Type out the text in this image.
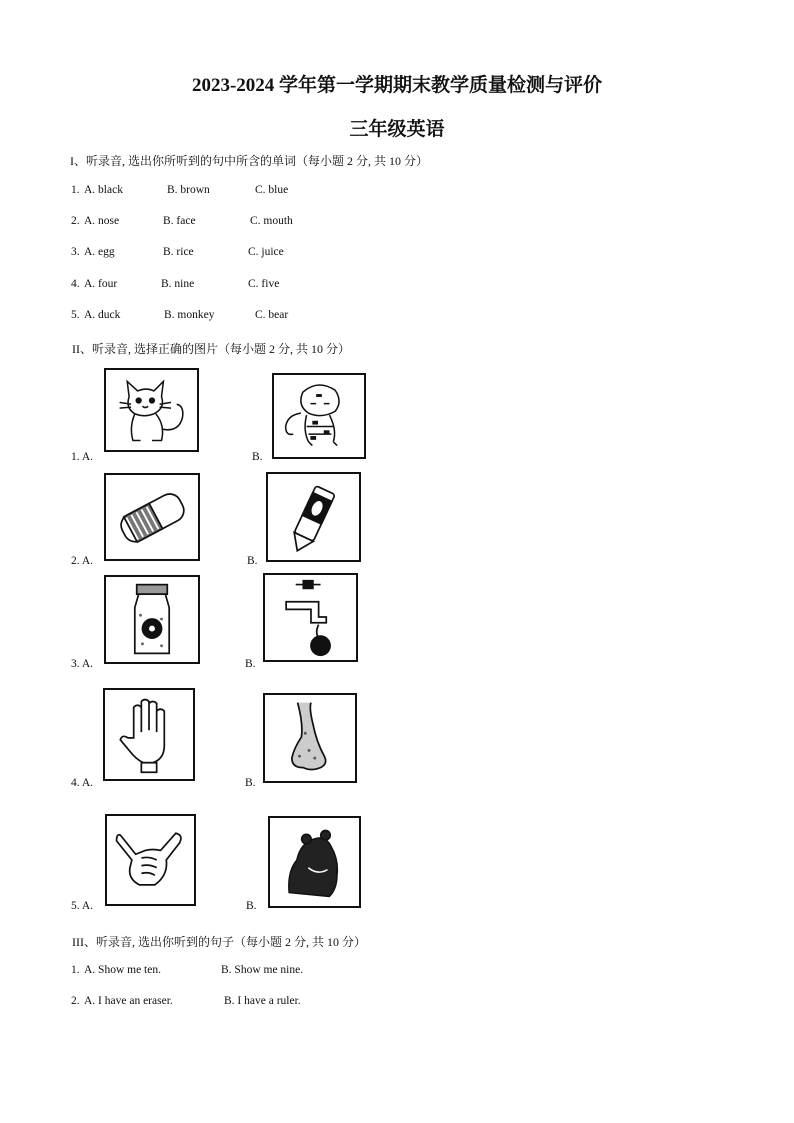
2023-2024 学年第一学期期末教学质量检测与评价
三年级英语
I、听录音, 选出你所听到的句中所含的单词（每小题 2 分, 共 10 分）
1. A. black	B. brown	C. blue
2. A. nose	B. face	C. mouth
3. A. egg	B. rice	C. juice
4. A. four	B. nine	C. five
5. A. duck	B. monkey	C. bear
II、听录音, 选择正确的图片（每小题 2 分, 共 10 分）
1. A.	B.
2. A.	B.
3. A.	B.
4. A.	B.
5. A.	B.
III、听录音, 选出你听到的句子（每小题 2 分, 共 10 分）
1. A. Show me ten.	B. Show me nine.
2. A. I have an eraser.	B. I have a ruler.
